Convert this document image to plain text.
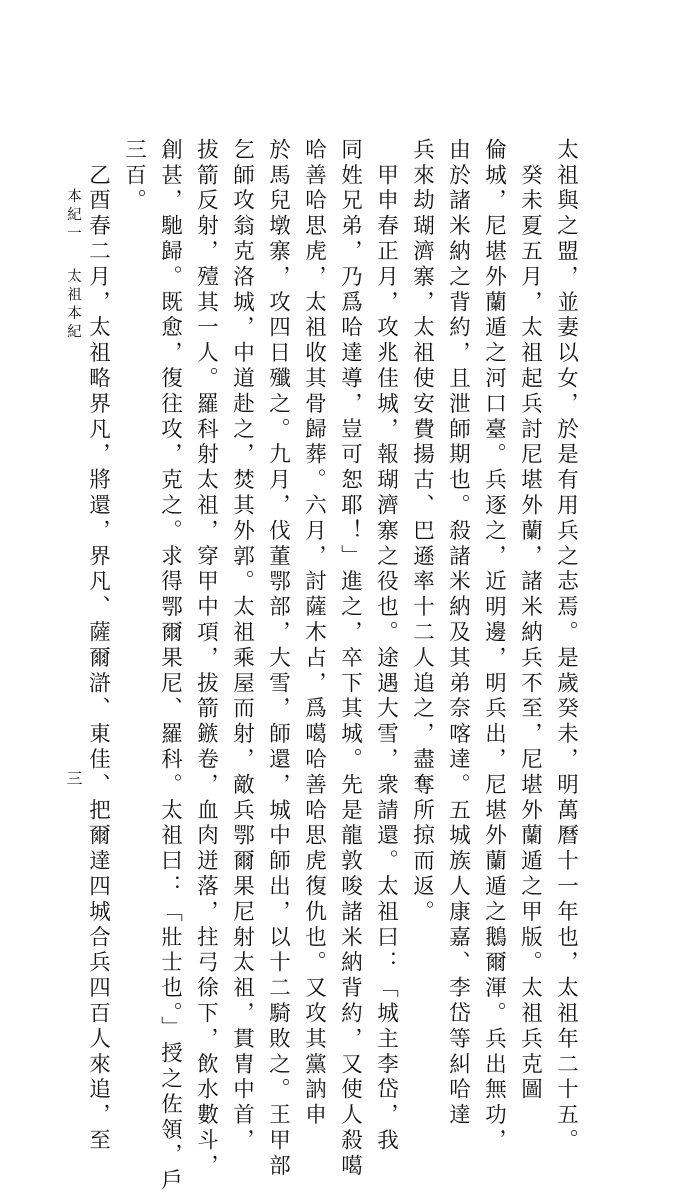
太祖與之盟，並妻以女，於是有用兵之志焉。是歲癸未，明萬曆十一年也，太祖年二十五。
　癸未夏五月，太祖起兵討尼堪外蘭，諸米納兵不至，尼堪外蘭遁之甲版。太祖兵克圖
倫城，尼堪外蘭遁之河口臺。兵逐之，近明邊，明兵出，尼堪外蘭遁之鵝爾渾。兵出無功，
由於諸米納之背約，且泄師期也。殺諸米納及其弟奈喀達。五城族人康嘉、李岱等糾哈達
兵來劫瑚濟寨，太祖使安費揚古、巴遜率十二人追之，盡奪所掠而返。
　甲申春正月，攻兆佳城，報瑚濟寨之役也。途遇大雪，衆請還。太祖曰：「城主李岱，我
同姓兄弟，乃爲哈達導，豈可恕耶！」進之，卒下其城。先是龍敦唆諸米納背約，又使人殺噶
哈善哈思虎，太祖收其骨歸葬。六月，討薩木占，爲噶哈善哈思虎復仇也。又攻其黨訥申
於馬兒墩寨，攻四日殲之。九月，伐董鄂部，大雪，師還，城中師出，以十二騎敗之。王甲部
乞師攻翁克洛城，中道赴之，焚其外郭。太祖乘屋而射，敵兵鄂爾果尼射太祖，貫胄中首，
拔箭反射，殪其一人。羅科射太祖，穿甲中項，拔箭鏃卷，血肉迸落，拄弓徐下，飲水數斗，
創甚，馳歸。既愈，復往攻，克之。求得鄂爾果尼、羅科。太祖曰：「壯士也。」授之佐領，戶
三百。
　乙酉春二月，太祖略界凡，將還，界凡、薩爾滸、東佳、把爾達四城合兵四百人來追，至
本紀一
太祖本紀
三
